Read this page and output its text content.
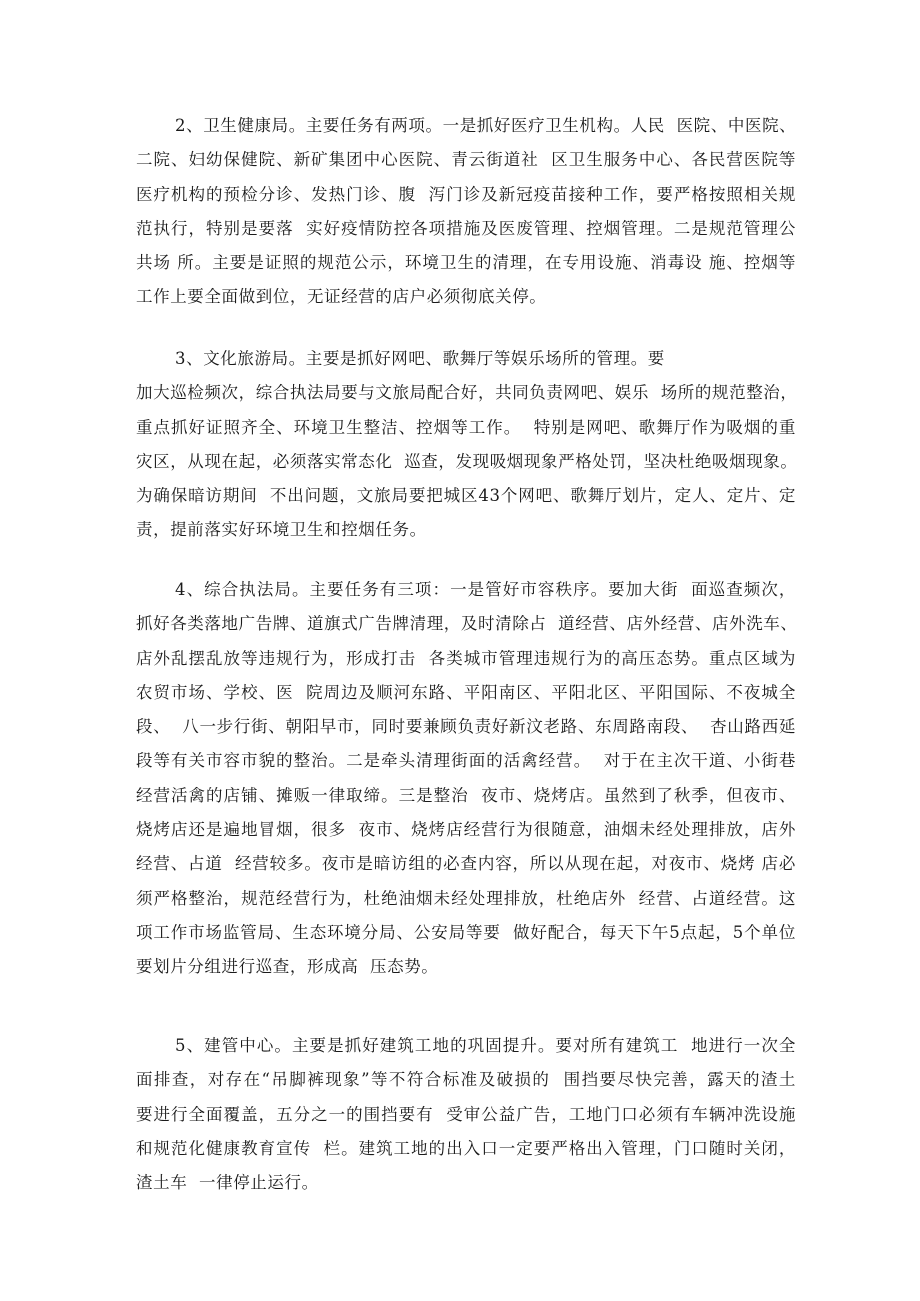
2、卫生健康局。主要任务有两项。一是抓好医疗卫生机构。人民  医院、中医院、
二院、妇幼保健院、新矿集团中心医院、青云街道社  区卫生服务中心、各民营医院等
医疗机构的预检分诊、发热门诊、腹  泻门诊及新冠疫苗接种工作，要严格按照相关规
范执行，特别是要落  实好疫情防控各项措施及医废管理、控烟管理。二是规范管理公
共场 所。主要是证照的规范公示，环境卫生的清理，在专用设施、消毒设 施、控烟等
工作上要全面做到位，无证经营的店户必须彻底关停。
3、文化旅游局。主要是抓好网吧、歌舞厅等娱乐场所的管理。要
加大巡检频次，综合执法局要与文旅局配合好，共同负责网吧、娱乐  场所的规范整治，
重点抓好证照齐全、环境卫生整洁、控烟等工作。  特别是网吧、歌舞厅作为吸烟的重
灾区，从现在起，必须落实常态化  巡查，发现吸烟现象严格处罚，坚决杜绝吸烟现象。
为确保暗访期间  不出问题，文旅局要把城区43个网吧、歌舞厅划片，定人、定片、定
责，提前落实好环境卫生和控烟任务。
4、综合执法局。主要任务有三项：一是管好市容秩序。要加大街  面巡查频次，
抓好各类落地广告牌、道旗式广告牌清理，及时清除占  道经营、店外经营、店外洗车、
店外乱摆乱放等违规行为，形成打击  各类城市管理违规行为的高压态势。重点区域为
农贸市场、学校、医  院周边及顺河东路、平阳南区、平阳北区、平阳国际、不夜城全
段、  八一步行街、朝阳早市，同时要兼顾负责好新汶老路、东周路南段、  杏山路西延
段等有关市容市貌的整治。二是牵头清理街面的活禽经营。  对于在主次干道、小街巷
经营活禽的店铺、摊贩一律取缔。三是整治  夜市、烧烤店。虽然到了秋季，但夜市、
烧烤店还是遍地冒烟，很多  夜市、烧烤店经营行为很随意，油烟未经处理排放，店外
经营、占道  经营较多。夜市是暗访组的必查内容，所以从现在起，对夜市、烧烤 店必
须严格整治，规范经营行为，杜绝油烟未经处理排放，杜绝店外  经营、占道经营。这
项工作市场监管局、生态环境分局、公安局等要  做好配合，每天下午5点起，5个单位
要划片分组进行巡查，形成高  压态势。
5、建管中心。主要是抓好建筑工地的巩固提升。要对所有建筑工  地进行一次全
面排查，对存在“吊脚裤现象”等不符合标准及破损的  围挡要尽快完善，露天的渣土
要进行全面覆盖，五分之一的围挡要有  受审公益广告，工地门口必须有车辆冲洗设施
和规范化健康教育宣传  栏。建筑工地的出入口一定要严格出入管理，门口随时关闭，
渣土车  一律停止运行。
